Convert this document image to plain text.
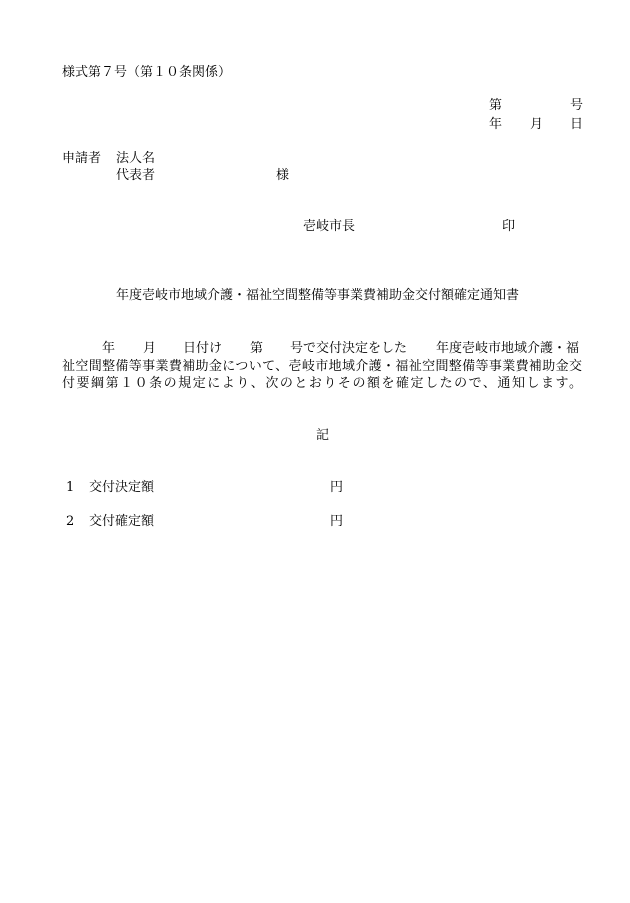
様式第７号（第１０条関係）
第	号
年 月 日
申請者 法人名
代表者	様
壱岐市長	印
年度壱岐市地域介護・福祉空間整備等事業費補助金交付額確定通知書
年 月 日付け 第 号で交付決定をした 年度壱岐市地域介護・福
祉空間整備等事業費補助金について、壱岐市地域介護・福祉空間整備等事業費補助金交
付要綱第１０条の規定により、次のとおりその額を確定したので、通知します。
記
1 交付決定額	円
2 交付確定額	円
